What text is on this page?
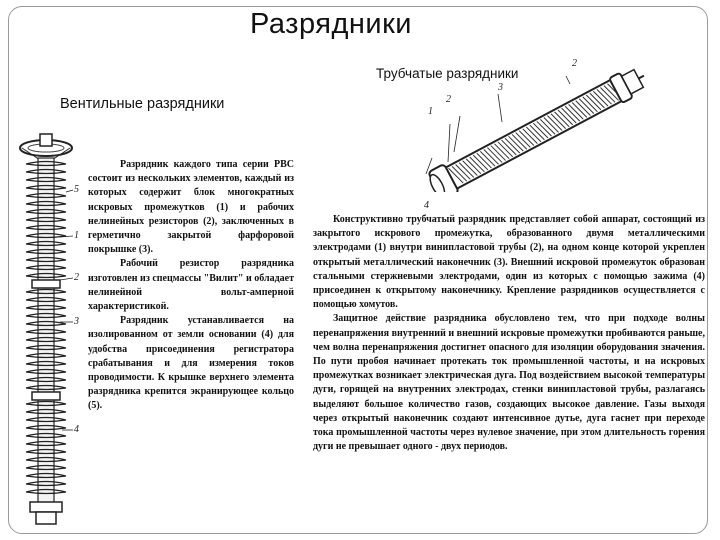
Разрядники
Трубчатые разрядники
Вентильные разрядники
5
1
2
3
4
1
2
3
2
4

Разрядник каждого типа серии РВС состоит из нескольких элементов, каждый из которых содержит блок многократных искровых промежутков (1) и рабочих нелинейных резисторов (2), заключенных в герметично закрытой фарфоровой покрышке (3).

Рабочий резистор разрядника изготовлен из спецмассы "Вилит" и обладает нелинейной вольт-амперной характеристикой.

Разрядник устанавливается на изолированном от земли основании (4) для удобства присоединения регистратора срабатывания и для измерения токов проводимости. К крышке верхнего элемента разрядника крепится экранирующее кольцо (5).

Конструктивно трубчатый разрядник представляет собой аппарат, состоящий из закрытого искрового промежутка, образованного двумя металлическими электродами (1) внутри винипластовой трубы (2), на одном конце которой укреплен открытый металлический наконечник (3). Внешний искровой промежуток образован стальными стержневыми электродами, один из которых с помощью зажима (4) присоединен к открытому наконечнику. Крепление разрядников осуществляется с помощью хомутов.

Защитное действие разрядника обусловлено тем, что при подходе волны перенапряжения внутренний и внешний искровые промежутки пробиваются раньше, чем волна перенапряжения достигнет опасного для изоляции оборудования значения. По пути пробоя начинает протекать ток промышленной частоты, и на искровых промежутках возникает электрическая дуга. Под воздействием высокой температуры дуги, горящей на внутренних электродах, стенки винипластовой трубы, разлагаясь выделяют большое количество газов, создающих высокое давление. Газы выходя через открытый наконечник создают интенсивное дутье, дуга гаснет при переходе тока промышленной частоты через нулевое значение, при этом длительность горения дуги не превышает одного - двух периодов.
